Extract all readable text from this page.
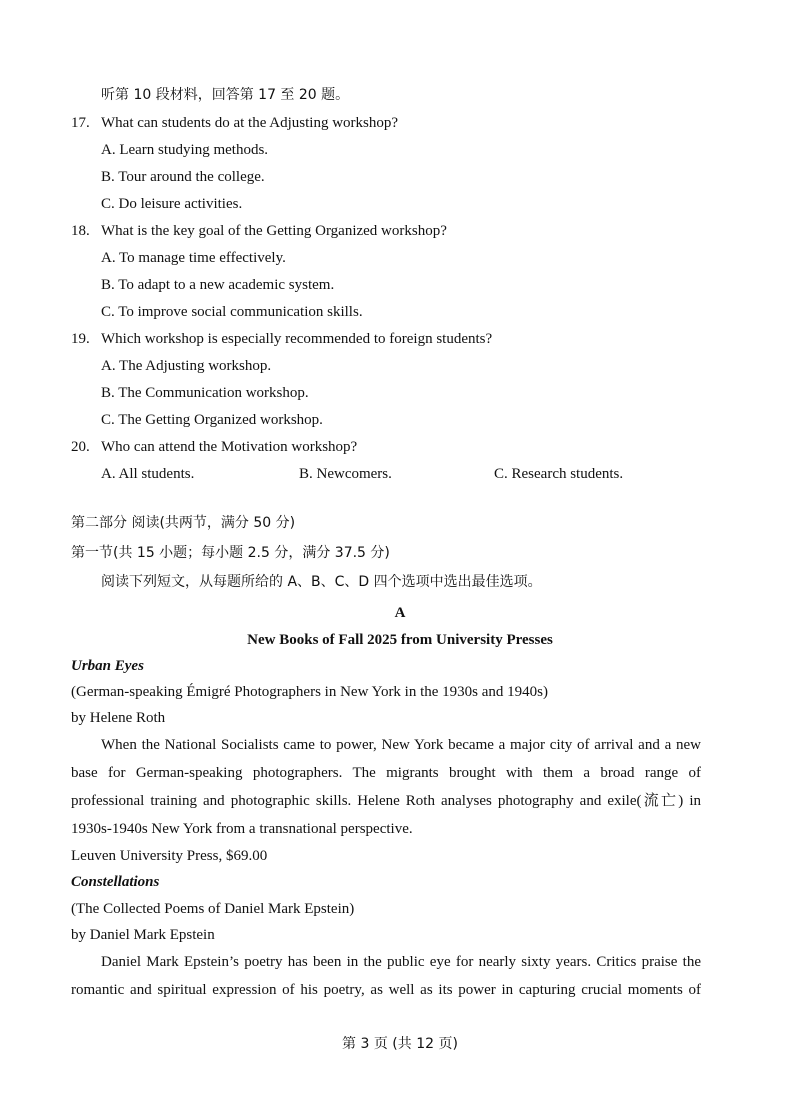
听第 10 段材料，回答第 17 至 20 题。
17. What can students do at the Adjusting workshop?
A. Learn studying methods.
B. Tour around the college.
C. Do leisure activities.
18. What is the key goal of the Getting Organized workshop?
A. To manage time effectively.
B. To adapt to a new academic system.
C. To improve social communication skills.
19. Which workshop is especially recommended to foreign students?
A. The Adjusting workshop.
B. The Communication workshop.
C. The Getting Organized workshop.
20. Who can attend the Motivation workshop?
A. All students.	B. Newcomers.	C. Research students.
第二部分 阅读(共两节，满分 50 分)
第一节(共 15 小题；每小题 2.5 分，满分 37.5 分)
阅读下列短文，从每题所给的 A、B、C、D 四个选项中选出最佳选项。
A
New Books of Fall 2025 from University Presses
Urban Eyes
(German-speaking Émigré Photographers in New York in the 1930s and 1940s)
by Helene Roth
When the National Socialists came to power, New York became a major city of arrival and a new
base for German-speaking photographers. The migrants brought with them a broad range of
professional training and photographic skills. Helene Roth analyses photography and exile(流亡) in
1930s-1940s New York from a transnational perspective.
Leuven University Press, $69.00
Constellations
(The Collected Poems of Daniel Mark Epstein)
by Daniel Mark Epstein
Daniel Mark Epstein’s poetry has been in the public eye for nearly sixty years. Critics praise the
romantic and spiritual expression of his poetry, as well as its power in capturing crucial moments of
第 3 页 (共 12 页)
